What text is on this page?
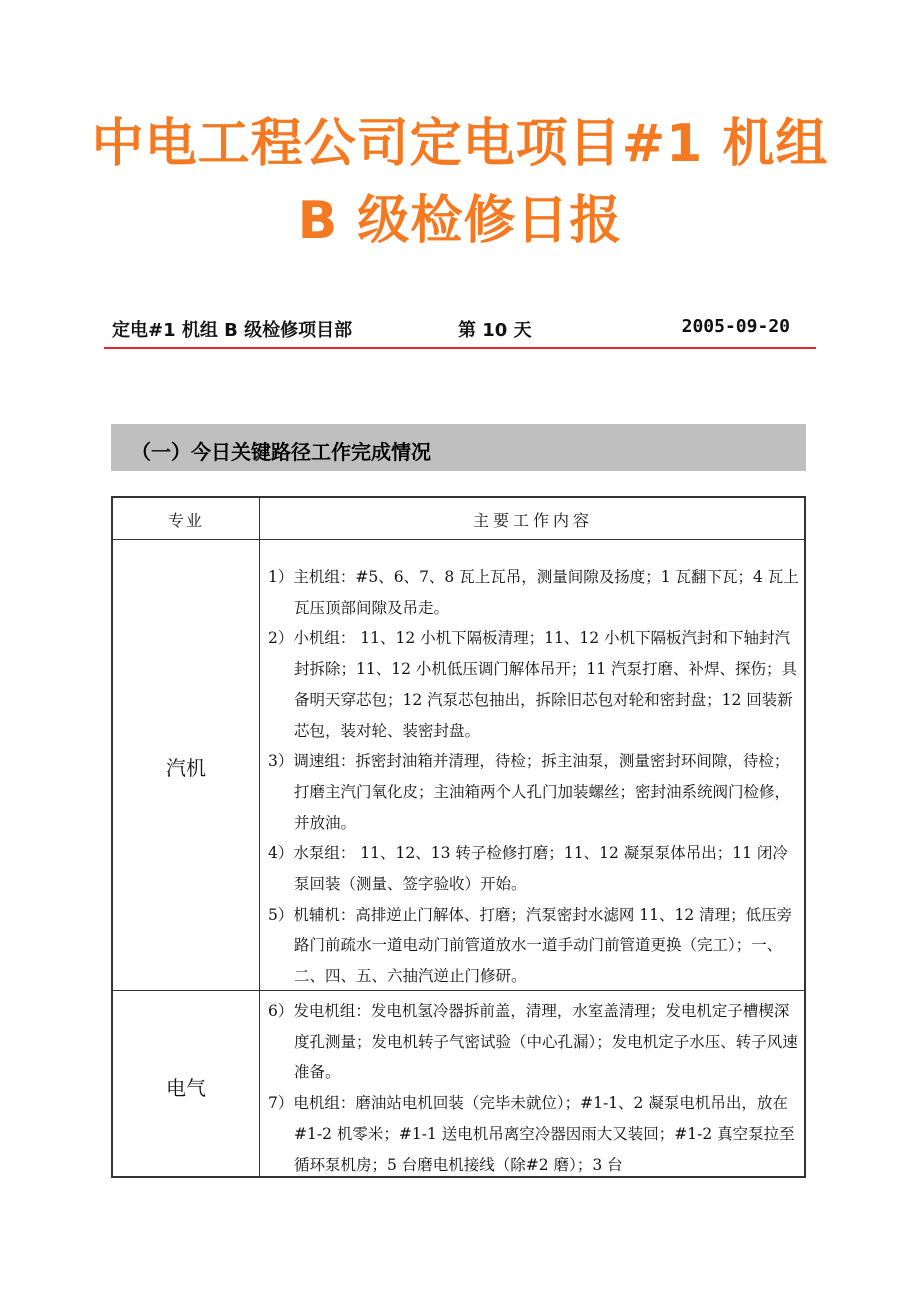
中电工程公司定电项目#1 机组
B 级检修日报
定电#1 机组 B 级检修项目部	第 10 天	2005-09-20
（一）今日关键路径工作完成情况
专业	主要工作内容
汽机

1）主机组：#5、6、7、8 瓦上瓦吊，测量间隙及扬度；1 瓦翻下瓦；4 瓦上瓦压顶部间隙及吊走。

2）小机组： 11、12 小机下隔板清理；11、12 小机下隔板汽封和下轴封汽封拆除；11、12 小机低压调门解体吊开；11 汽泵打磨、补焊、探伤；具备明天穿芯包；12 汽泵芯包抽出，拆除旧芯包对轮和密封盘；12 回装新芯包，装对轮、装密封盘。

3）调速组：拆密封油箱并清理，待检；拆主油泵，测量密封环间隙，待检；打磨主汽门氧化皮；主油箱两个人孔门加装螺丝；密封油系统阀门检修，并放油。

4）水泵组： 11、12、13 转子检修打磨；11、12 凝泵泵体吊出；11 闭冷泵回装（测量、签字验收）开始。

5）机辅机：高排逆止门解体、打磨；汽泵密封水滤网 11、12 清理；低压旁路门前疏水一道电动门前管道放水一道手动门前管道更换（完工）；一、二、四、五、六抽汽逆止门修研。

电气

6）发电机组：发电机氢冷器拆前盖，清理，水室盖清理；发电机定子槽楔深度孔测量；发电机转子气密试验（中心孔漏）；发电机定子水压、转子风速准备。

7）电机组：磨油站电机回装（完毕未就位）；#1-1、2 凝泵电机吊出，放在#1-2 机零米；#1-1 送电机吊离空冷器因雨大又装回；#1-2 真空泵拉至循环泵机房；5 台磨电机接线（除#2 磨）；3 台
